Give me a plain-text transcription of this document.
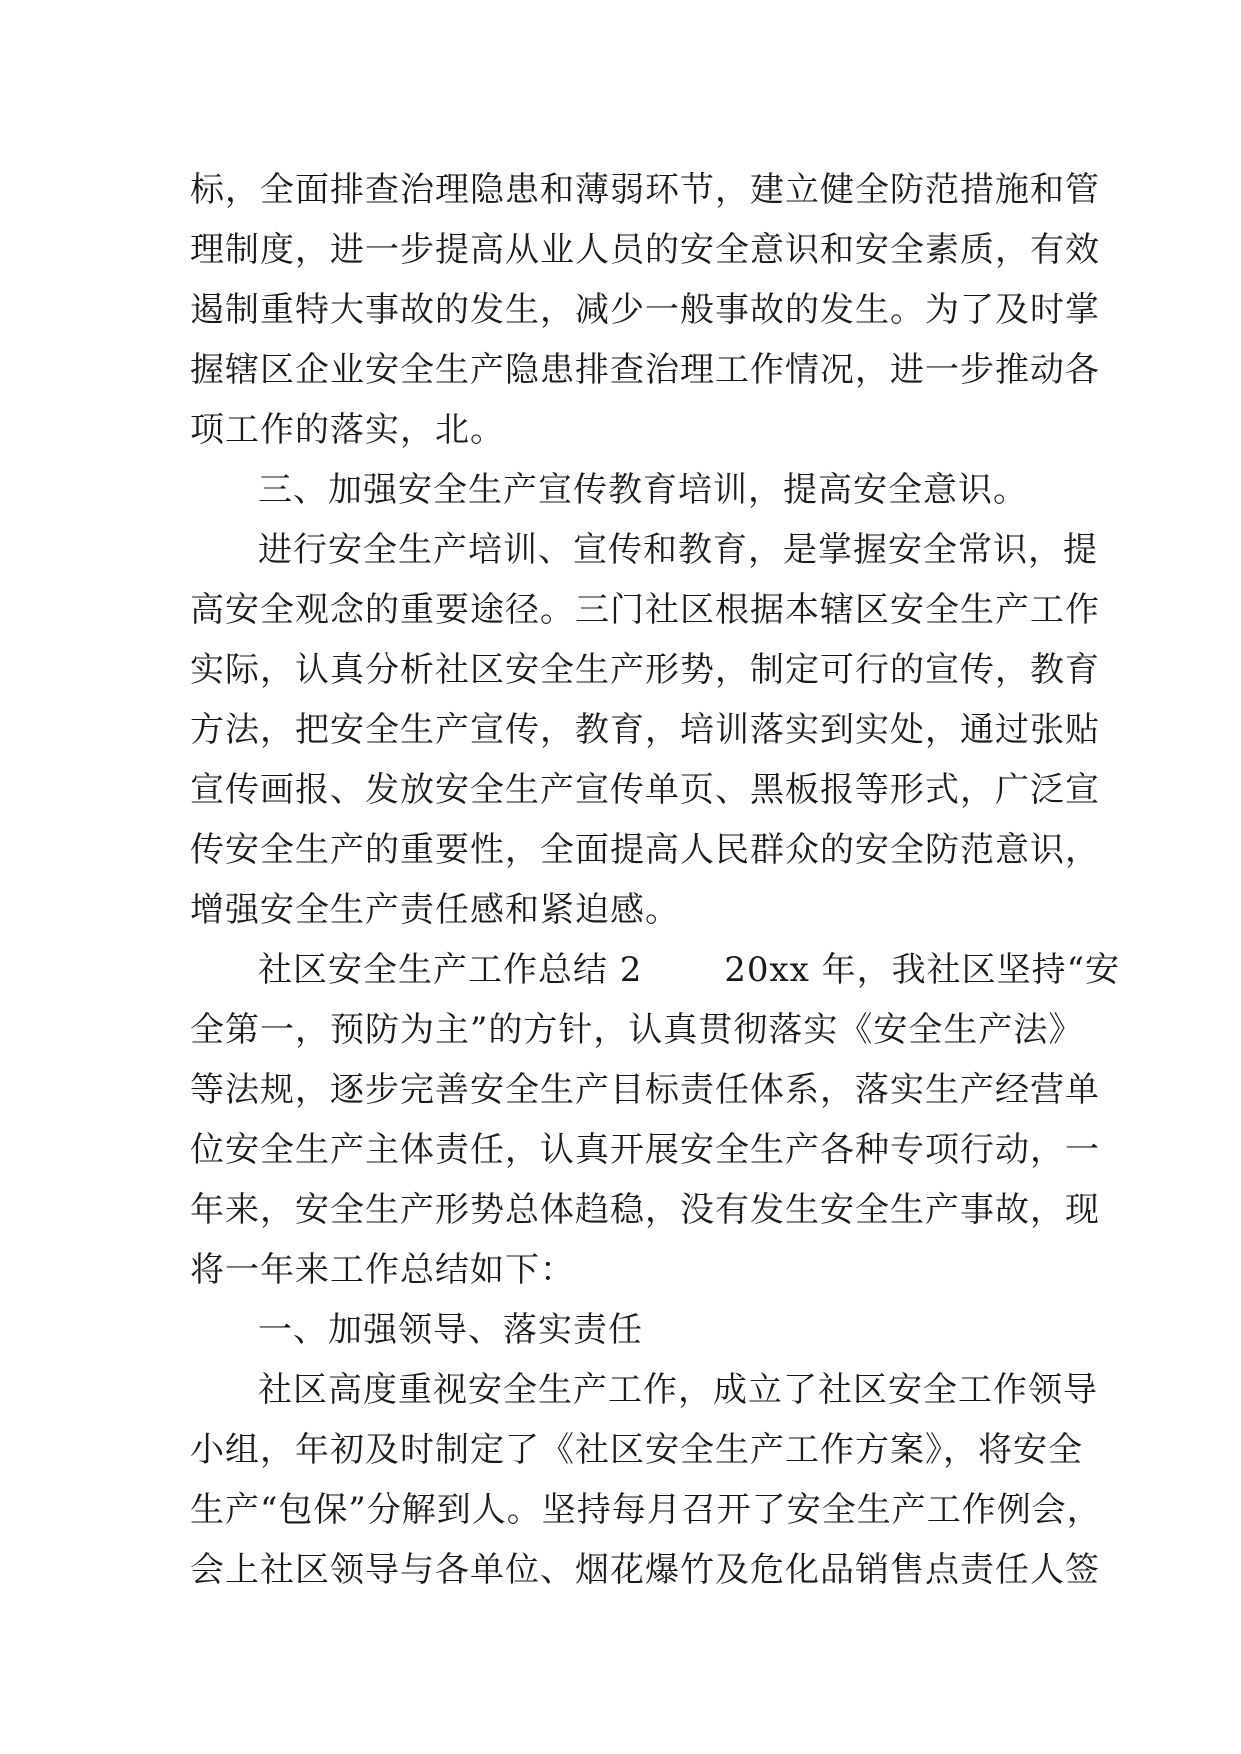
标，全面排查治理隐患和薄弱环节，建立健全防范措施和管
理制度，进一步提高从业人员的安全意识和安全素质，有效
遏制重特大事故的发生，减少一般事故的发生。为了及时掌
握辖区企业安全生产隐患排查治理工作情况，进一步推动各
项工作的落实，北。
三、加强安全生产宣传教育培训，提高安全意识。
进行安全生产培训、宣传和教育，是掌握安全常识，提
高安全观念的重要途径。三门社区根据本辖区安全生产工作
实际，认真分析社区安全生产形势，制定可行的宣传，教育
方法，把安全生产宣传，教育，培训落实到实处，通过张贴
宣传画报、发放安全生产宣传单页、黑板报等形式，广泛宣
传安全生产的重要性，全面提高人民群众的安全防范意识，
增强安全生产责任感和紧迫感。
社区安全生产工作总结 2　　 20xx 年，我社区坚持“安
全第一，预防为主”的方针，认真贯彻落实《安全生产法》
等法规，逐步完善安全生产目标责任体系，落实生产经营单
位安全生产主体责任，认真开展安全生产各种专项行动，一
年来，安全生产形势总体趋稳，没有发生安全生产事故，现
将一年来工作总结如下：
一、加强领导、落实责任
社区高度重视安全生产工作，成立了社区安全工作领导
小组，年初及时制定了《社区安全生产工作方案》，将安全
生产“包保”分解到人。坚持每月召开了安全生产工作例会，
会上社区领导与各单位、烟花爆竹及危化品销售点责任人签
